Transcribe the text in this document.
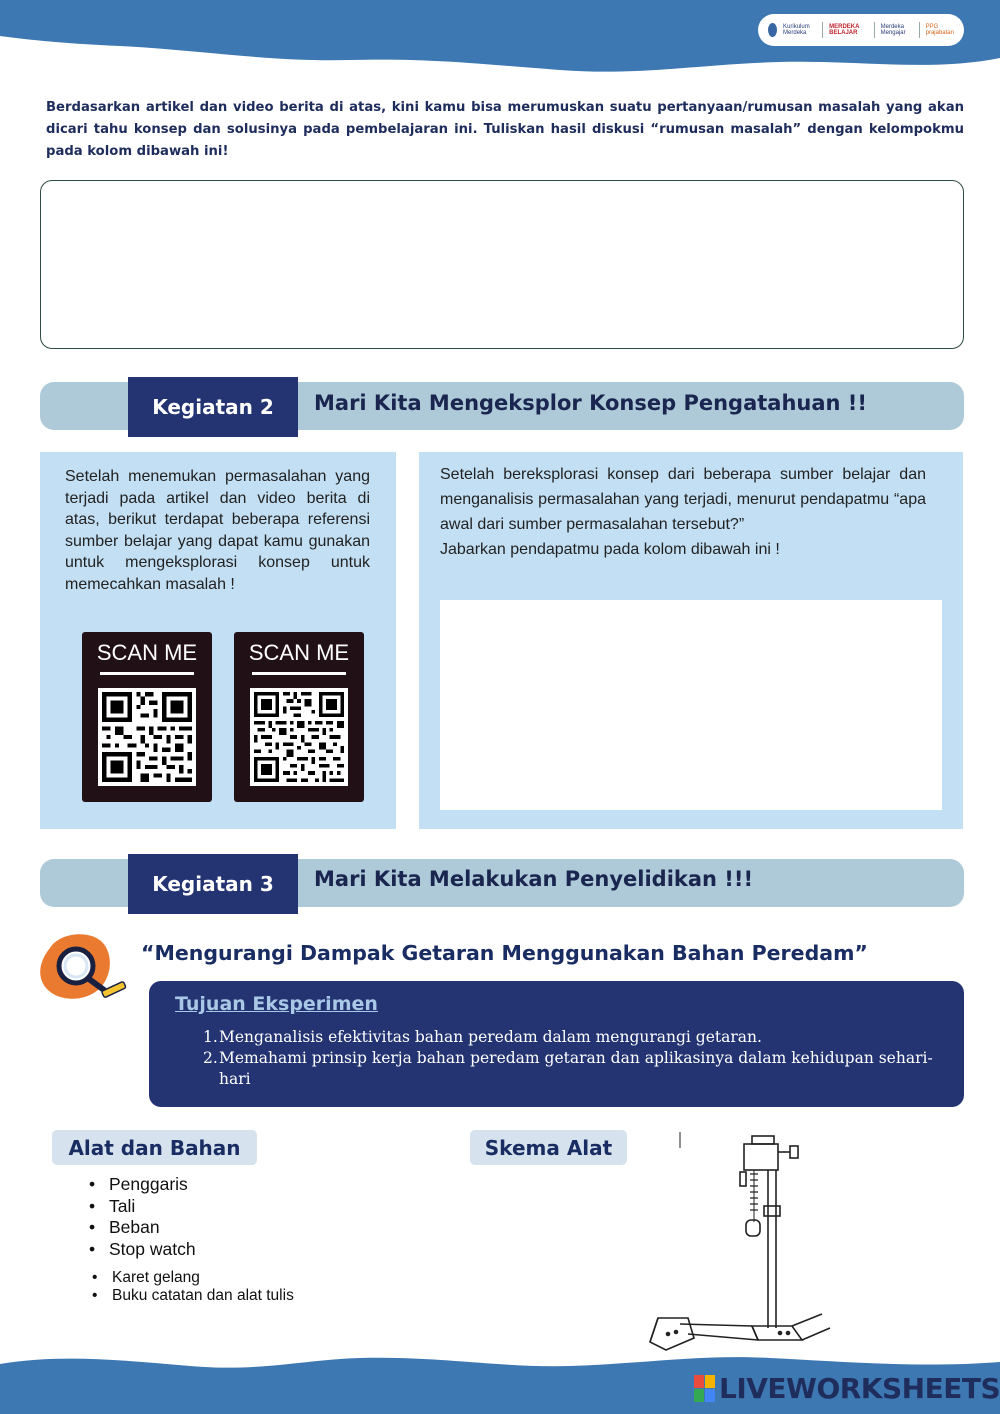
Kurikulum Merdeka
MERDEKA BELAJAR
Merdeka Mengajar
PPG prajabatan

Berdasarkan artikel dan video berita di atas, kini kamu bisa merumuskan suatu pertanyaan/rumusan masalah yang akan dicari tahu konsep dan solusinya pada pembelajaran ini. Tuliskan hasil diskusi “rumusan masalah” dengan kelompokmu pada kolom dibawah ini!

Kegiatan 2	Mari Kita Mengeksplor Konsep Pengatahuan !!

Setelah menemukan permasalahan yang terjadi pada artikel dan video berita di atas, berikut terdapat beberapa referensi sumber belajar yang dapat kamu gunakan untuk mengeksplorasi konsep untuk memecahkan masalah !

SCAN ME	SCAN ME

Setelah bereksplorasi konsep dari beberapa sumber belajar dan menganalisis permasalahan yang terjadi, menurut pendapatmu “apa awal dari sumber permasalahan tersebut?”

Jabarkan pendapatmu pada kolom dibawah ini !

Kegiatan 3	Mari Kita Melakukan Penyelidikan !!!
“Mengurangi Dampak Getaran Menggunakan Bahan Peredam”
Tujuan Eksperimen
1. Menganalisis efektivitas bahan peredam dalam mengurangi getaran.
2. Memahami prinsip kerja bahan peredam getaran dan aplikasinya dalam kehidupan sehari-hari
Alat dan Bahan	Skema Alat
• Penggaris
• Tali
• Beban
• Stop watch
• Karet gelang
• Buku catatan dan alat tulis
LIVEWORKSHEETS
